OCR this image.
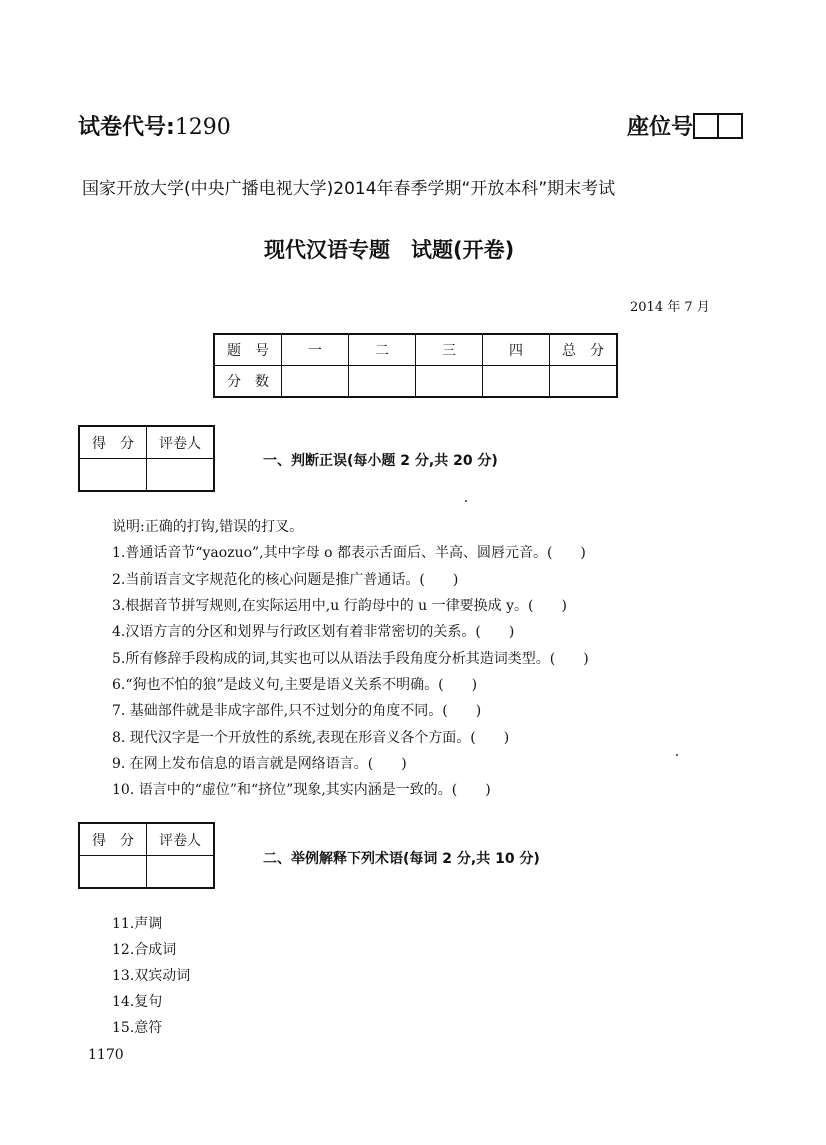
试卷代号:1290	座位号
国家开放大学(中央广播电视大学)2014年春季学期“开放本科”期末考试
现代汉语专题　试题(开卷)
2014 年 7 月
题　号	一	二	三	四	总　分
分　数					
得　分	评卷人

一、判断正误(每小题 2 分,共 20 分)
说明:正确的打钩,错误的打叉。
1.普通话音节“yaozuo”,其中字母 o 都表示舌面后、半高、圆唇元音。(　　)
2.当前语言文字规范化的核心问题是推广普通话。(　　)
3.根据音节拼写规则,在实际运用中,u 行韵母中的 u 一律要换成 y。(　　)
4.汉语方言的分区和划界与行政区划有着非常密切的关系。(　　)
5.所有修辞手段构成的词,其实也可以从语法手段角度分析其造词类型。(　　)
6.“狗也不怕的狼”是歧义句,主要是语义关系不明确。(　　)
7. 基础部件就是非成字部件,只不过划分的角度不同。(　　)
8. 现代汉字是一个开放性的系统,表现在形音义各个方面。(　　)
9. 在网上发布信息的语言就是网络语言。(　　)
10. 语言中的“虚位”和“挤位”现象,其实内涵是一致的。(　　)
得　分	评卷人

二、举例解释下列术语(每词 2 分,共 10 分)
11.声调
12.合成词
13.双宾动词
14.复句
15.意符
1170
